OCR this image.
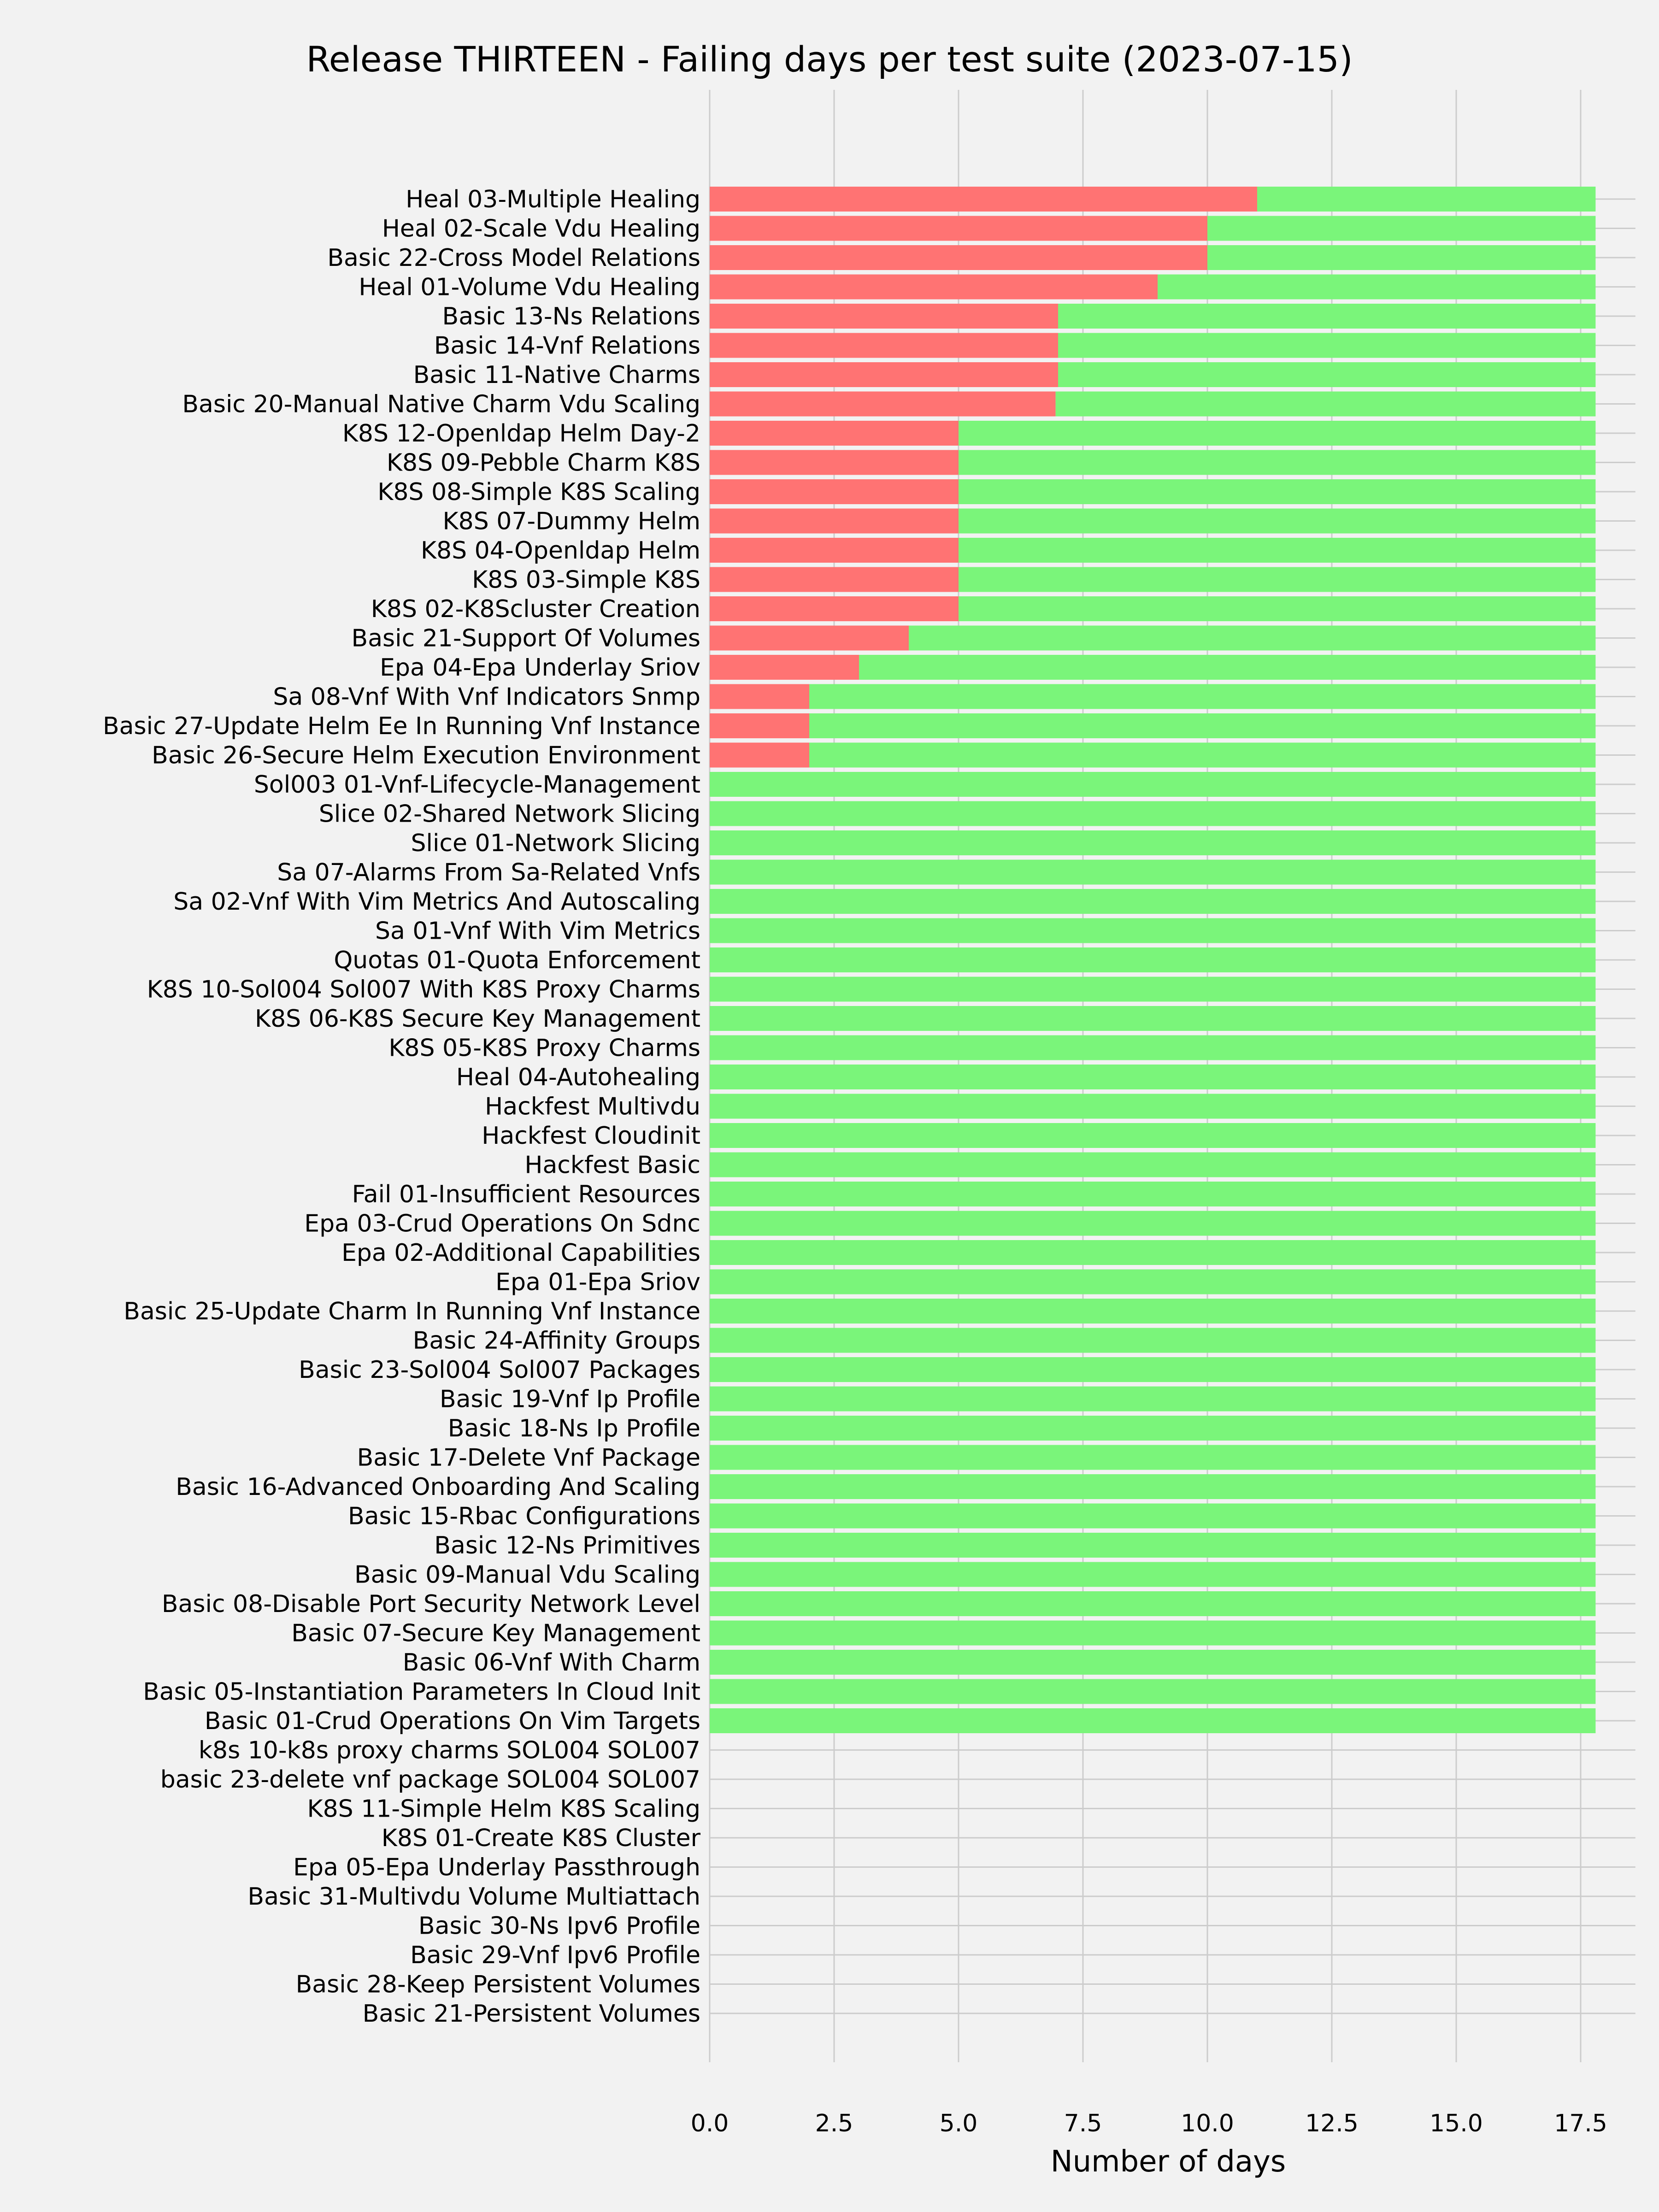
Release THIRTEEN - Failing days per test suite (2023-07-15)
Heal 03-Multiple Healing
Heal 02-Scale Vdu Healing
Basic 22-Cross Model Relations
Heal 01-Volume Vdu Healing
Basic 13-Ns Relations
Basic 14-Vnf Relations
Basic 11-Native Charms
Basic 20-Manual Native Charm Vdu Scaling
K8S 12-Openldap Helm Day-2
K8S 09-Pebble Charm K8S
K8S 08-Simple K8S Scaling
K8S 07-Dummy Helm
K8S 04-Openldap Helm
K8S 03-Simple K8S
K8S 02-K8Scluster Creation
Basic 21-Support Of Volumes
Epa 04-Epa Underlay Sriov
Sa 08-Vnf With Vnf Indicators Snmp
Basic 27-Update Helm Ee In Running Vnf Instance
Basic 26-Secure Helm Execution Environment
Sol003 01-Vnf-Lifecycle-Management
Slice 02-Shared Network Slicing
Slice 01-Network Slicing
Sa 07-Alarms From Sa-Related Vnfs
Sa 02-Vnf With Vim Metrics And Autoscaling
Sa 01-Vnf With Vim Metrics
Quotas 01-Quota Enforcement
K8S 10-Sol004 Sol007 With K8S Proxy Charms
K8S 06-K8S Secure Key Management
K8S 05-K8S Proxy Charms
Heal 04-Autohealing
Hackfest Multivdu
Hackfest Cloudinit
Hackfest Basic
Fail 01-Insufficient Resources
Epa 03-Crud Operations On Sdnc
Epa 02-Additional Capabilities
Epa 01-Epa Sriov
Basic 25-Update Charm In Running Vnf Instance
Basic 24-Affinity Groups
Basic 23-Sol004 Sol007 Packages
Basic 19-Vnf Ip Profile
Basic 18-Ns Ip Profile
Basic 17-Delete Vnf Package
Basic 16-Advanced Onboarding And Scaling
Basic 15-Rbac Configurations
Basic 12-Ns Primitives
Basic 09-Manual Vdu Scaling
Basic 08-Disable Port Security Network Level
Basic 07-Secure Key Management
Basic 06-Vnf With Charm
Basic 05-Instantiation Parameters In Cloud Init
Basic 01-Crud Operations On Vim Targets
k8s 10-k8s proxy charms SOL004 SOL007
basic 23-delete vnf package SOL004 SOL007
K8S 11-Simple Helm K8S Scaling
K8S 01-Create K8S Cluster
Epa 05-Epa Underlay Passthrough
Basic 31-Multivdu Volume Multiattach
Basic 30-Ns Ipv6 Profile
Basic 29-Vnf Ipv6 Profile
Basic 28-Keep Persistent Volumes
Basic 21-Persistent Volumes
0.0	2.5	5.0	7.5	10.0	12.5	15.0	17.5
Number of days
